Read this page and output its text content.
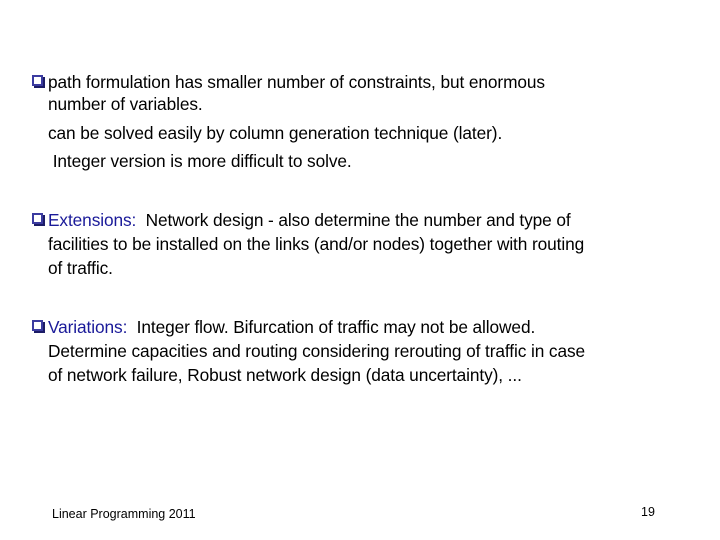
path formulation has smaller number of constraints, but enormous
number of variables.
can be solved easily by column generation technique (later).
Integer version is more difficult to solve.
Extensions:  Network design - also determine the number and type of
facilities to be installed on the links (and/or nodes) together with routing
of traffic.
Variations:  Integer flow. Bifurcation of traffic may not be allowed.
Determine capacities and routing considering rerouting of traffic in case
of network failure, Robust network design (data uncertainty), ...
Linear Programming 2011	19
